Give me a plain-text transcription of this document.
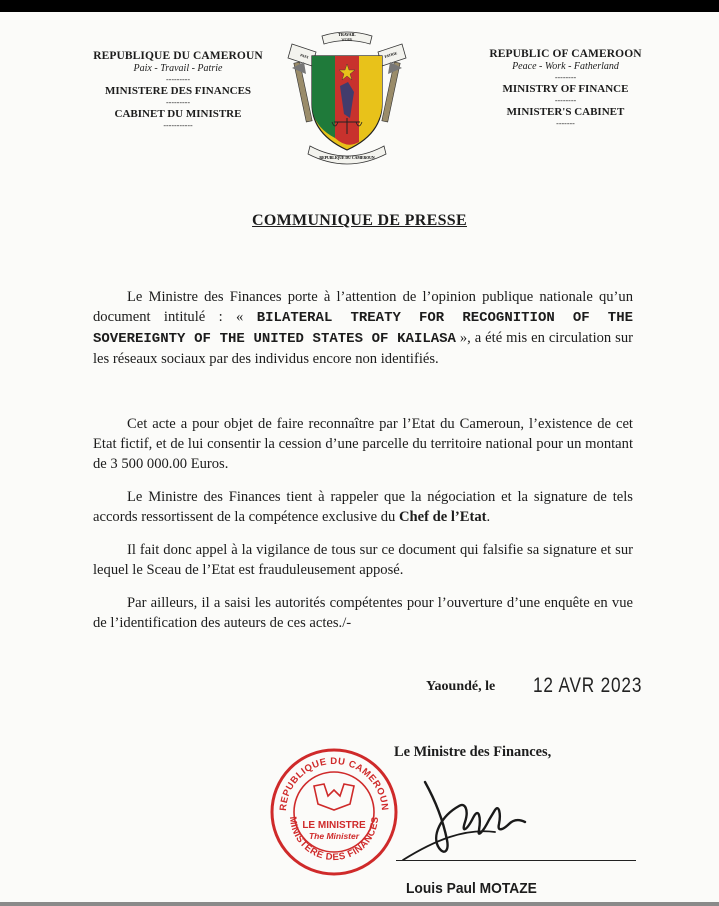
REPUBLIQUE DU CAMEROUN
Paix - Travail - Patrie
---------
MINISTERE DES FINANCES
---------
CABINET DU MINISTRE
-----------
REPUBLIC OF CAMEROON
Peace - Work - Fatherland
--------
MINISTRY OF FINANCE
--------
MINISTER'S CABINET
-------
TRAVAIL
WORK
PAIX	PATRIE
REPUBLIQUE DU CAMEROUN
COMMUNIQUE DE PRESSE
Le Ministre des Finances porte à l’attention de l’opinion publique nationale qu’un document intitulé : « BILATERAL TREATY FOR RECOGNITION OF THE SOVEREIGNTY OF THE UNITED STATES OF KAILASA », a été mis en circulation sur les réseaux sociaux par des individus encore non identifiés.
Cet acte a pour objet de faire reconnaître par l’Etat du Cameroun, l’existence de cet Etat fictif, et de lui consentir la cession d’une parcelle du territoire national pour un montant de 3 500 000.00 Euros.
Le Ministre des Finances tient à rappeler que la négociation et la signature de tels accords ressortissent de la compétence exclusive du Chef de l’Etat.
Il fait donc appel à la vigilance de tous sur ce document qui falsifie sa signature et sur lequel le Sceau de l’Etat est frauduleusement apposé.
Par ailleurs, il a saisi les autorités compétentes pour l’ouverture d’une enquête en vue de l’identification des auteurs de ces actes./-
Yaoundé, le 12 AVR 2023
Le Ministre des Finances,
Louis Paul MOTAZE
REPUBLIQUE DU CAMEROUN
MINISTERE DES FINANCES
LE MINISTRE
The Minister
